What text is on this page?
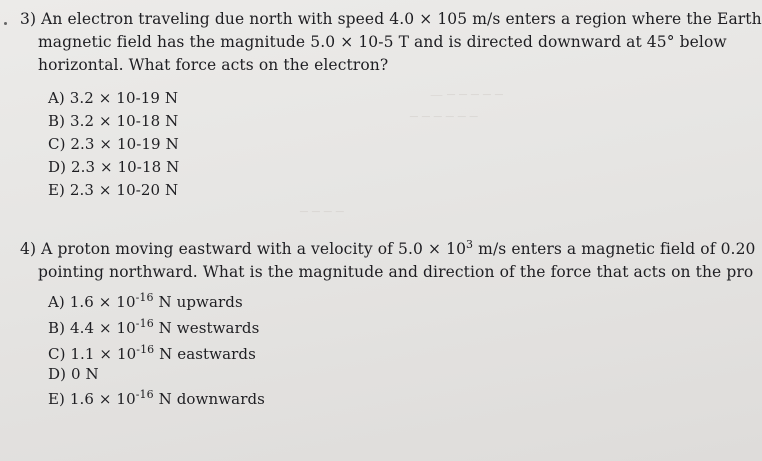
— ─ ─ ─ ─ ─
─ ─ ─ ─ ─ ─
─ ─ ─ ─
3) An electron traveling due north with speed 4.0 × 105 m/s enters a region where the Earth
magnetic field has the magnitude 5.0 × 10-5 T and is directed downward at 45° below
horizontal. What force acts on the electron?
A) 3.2 × 10-19 N
B) 3.2 × 10-18 N
C) 2.3 × 10-19 N
D) 2.3 × 10-18 N
E) 2.3 × 10-20 N
4) A proton moving eastward with a velocity of $5.0 \times 10^3$ m/s enters a magnetic field of 0.20
pointing northward. What is the magnitude and direction of the force that acts on the pro
A) $1.6 \times 10^{-16}$ N upwards
B) $4.4 \times 10^{-16}$ N westwards
C) $1.1 \times 10^{-16}$ N eastwards
D) 0 N
E) $1.6 \times 10^{-16}$ N downwards
